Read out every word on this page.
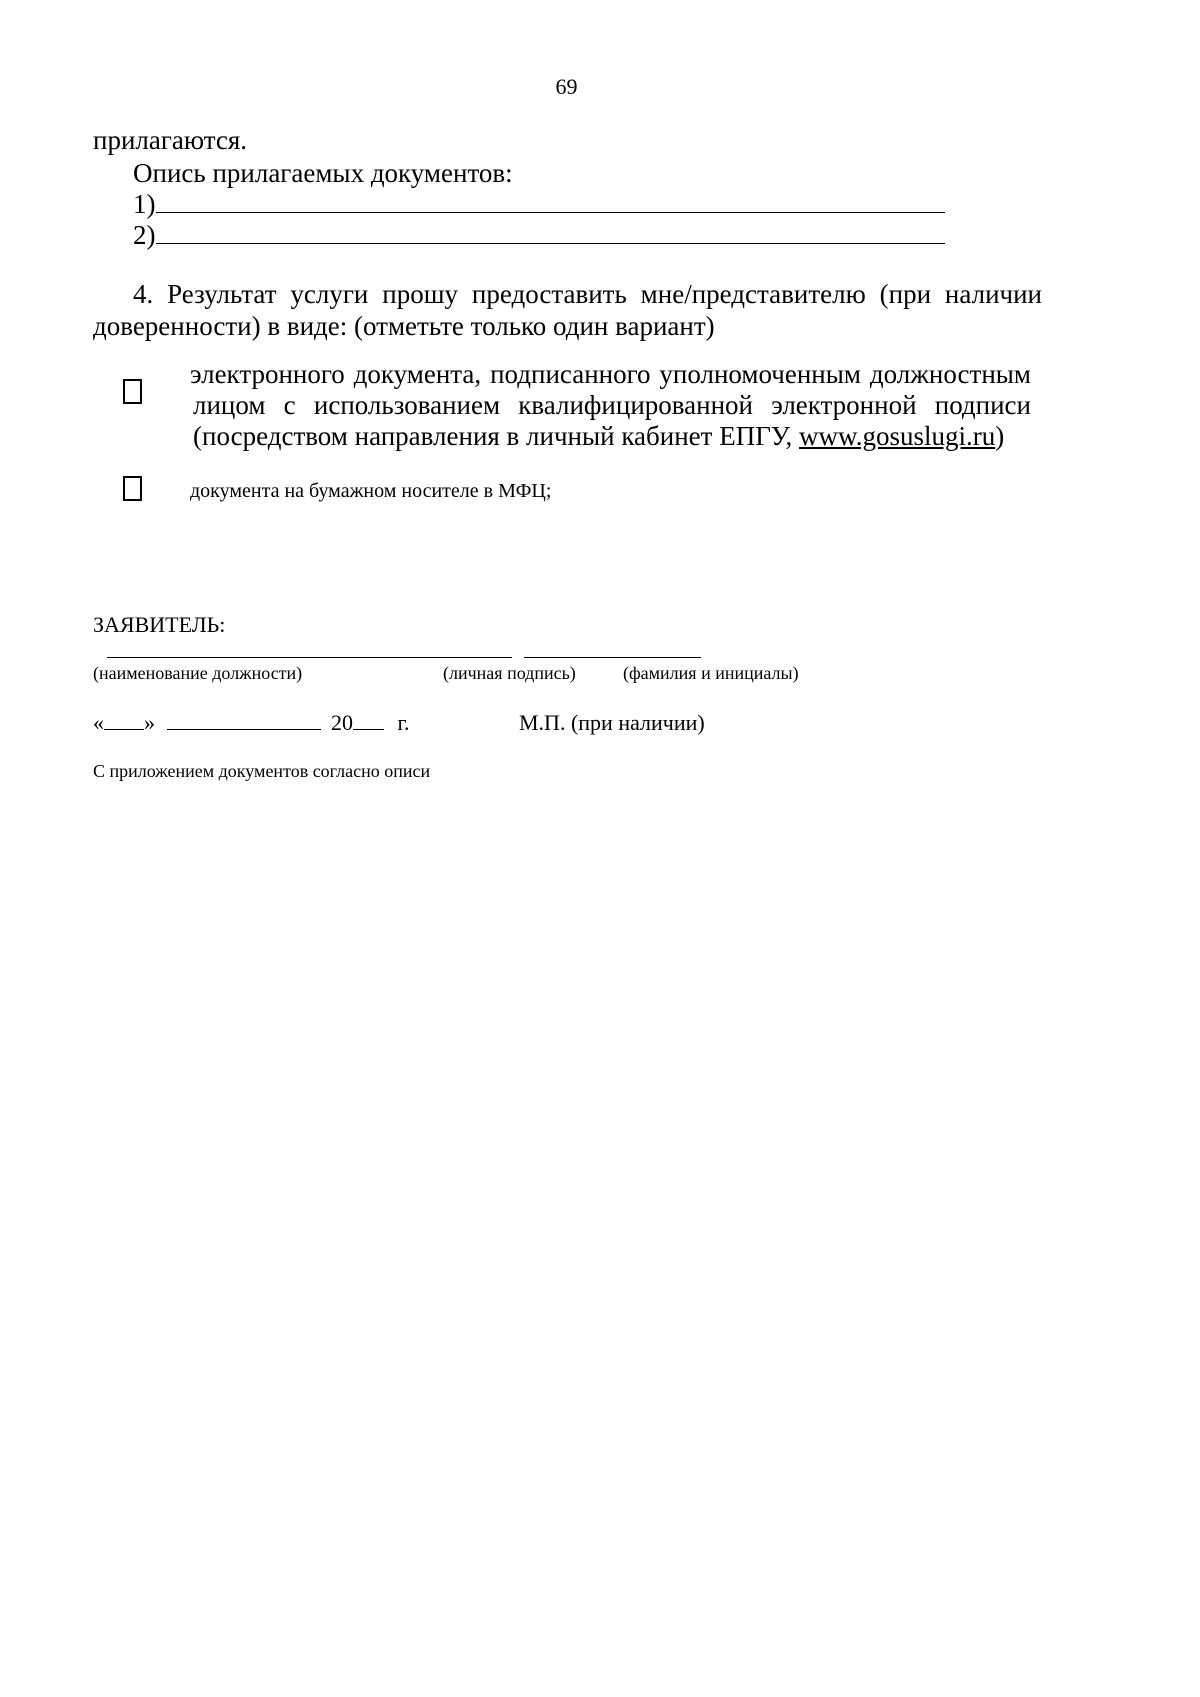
69
прилагаются.
Опись прилагаемых документов:
1)
2)
4. Результат услуги прошу предоставить мне/представителю (при наличии
доверенности) в виде: (отметьте только один вариант)
электронного документа, подписанного уполномоченным должностным
лицом с использованием квалифицированной электронной подписи
(посредством направления в личный кабинет ЕПГУ, www.gosuslugi.ru)
документа на бумажном носителе в МФЦ;
ЗАЯВИТЕЛЬ:
(наименование должности)	(личная подпись)	(фамилия и инициалы)
« »	20 г.	М.П. (при наличии)
С приложением документов согласно описи
